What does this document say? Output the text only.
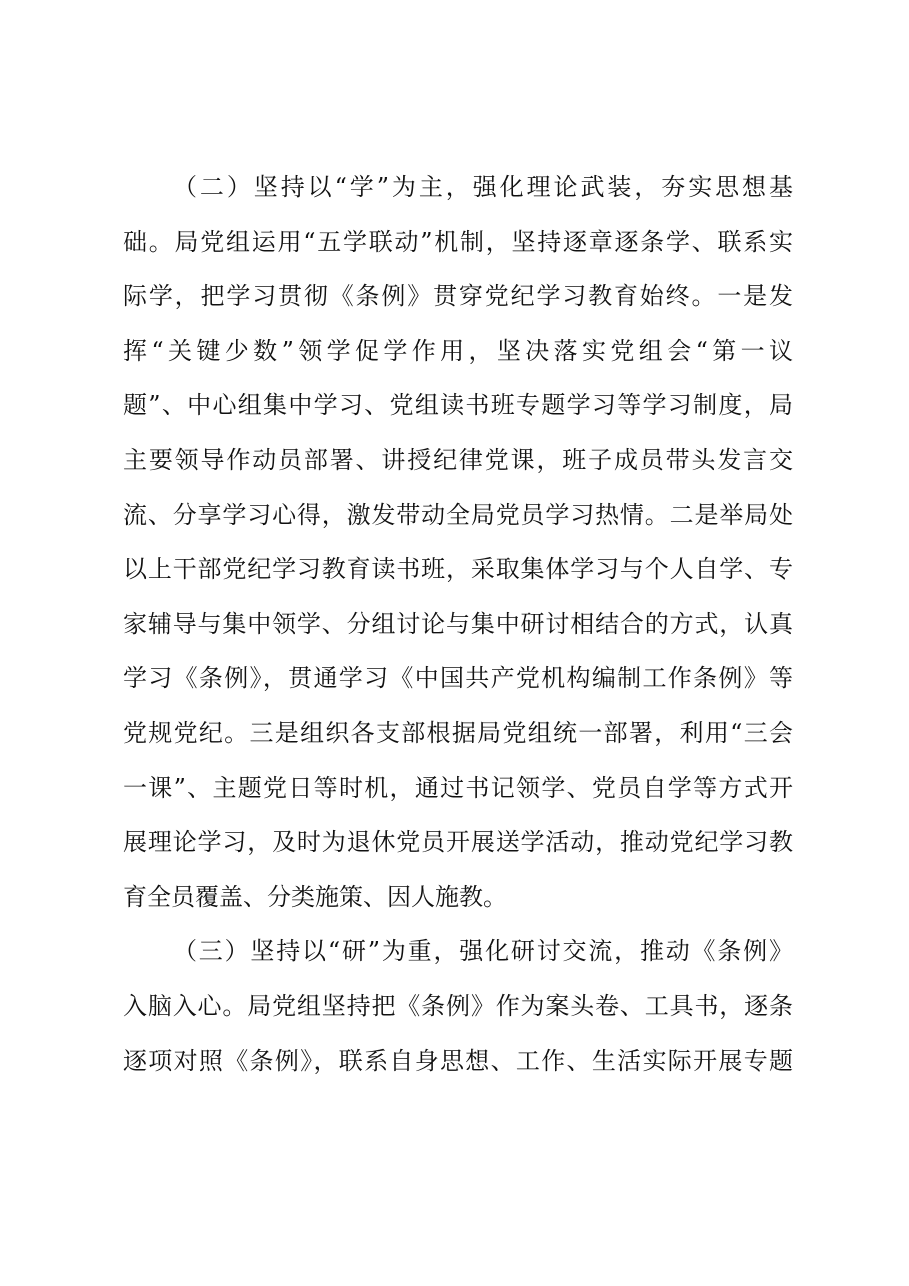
（二）坚持以“学”为主，强化理论武装，夯实思想基
础。局党组运用“五学联动”机制，坚持逐章逐条学、联系实
际学，把学习贯彻《条例》贯穿党纪学习教育始终。一是发
挥“关键少数”领学促学作用，坚决落实党组会“第一议
题”、中心组集中学习、党组读书班专题学习等学习制度，局
主要领导作动员部署、讲授纪律党课，班子成员带头发言交
流、分享学习心得，激发带动全局党员学习热情。二是举局处
以上干部党纪学习教育读书班，采取集体学习与个人自学、专
家辅导与集中领学、分组讨论与集中研讨相结合的方式，认真
学习《条例》，贯通学习《中国共产党机构编制工作条例》等
党规党纪。三是组织各支部根据局党组统一部署，利用“三会
一课”、主题党日等时机，通过书记领学、党员自学等方式开
展理论学习，及时为退休党员开展送学活动，推动党纪学习教
育全员覆盖、分类施策、因人施教。
（三）坚持以“研”为重，强化研讨交流，推动《条例》
入脑入心。局党组坚持把《条例》作为案头卷、工具书，逐条
逐项对照《条例》，联系自身思想、工作、生活实际开展专题
